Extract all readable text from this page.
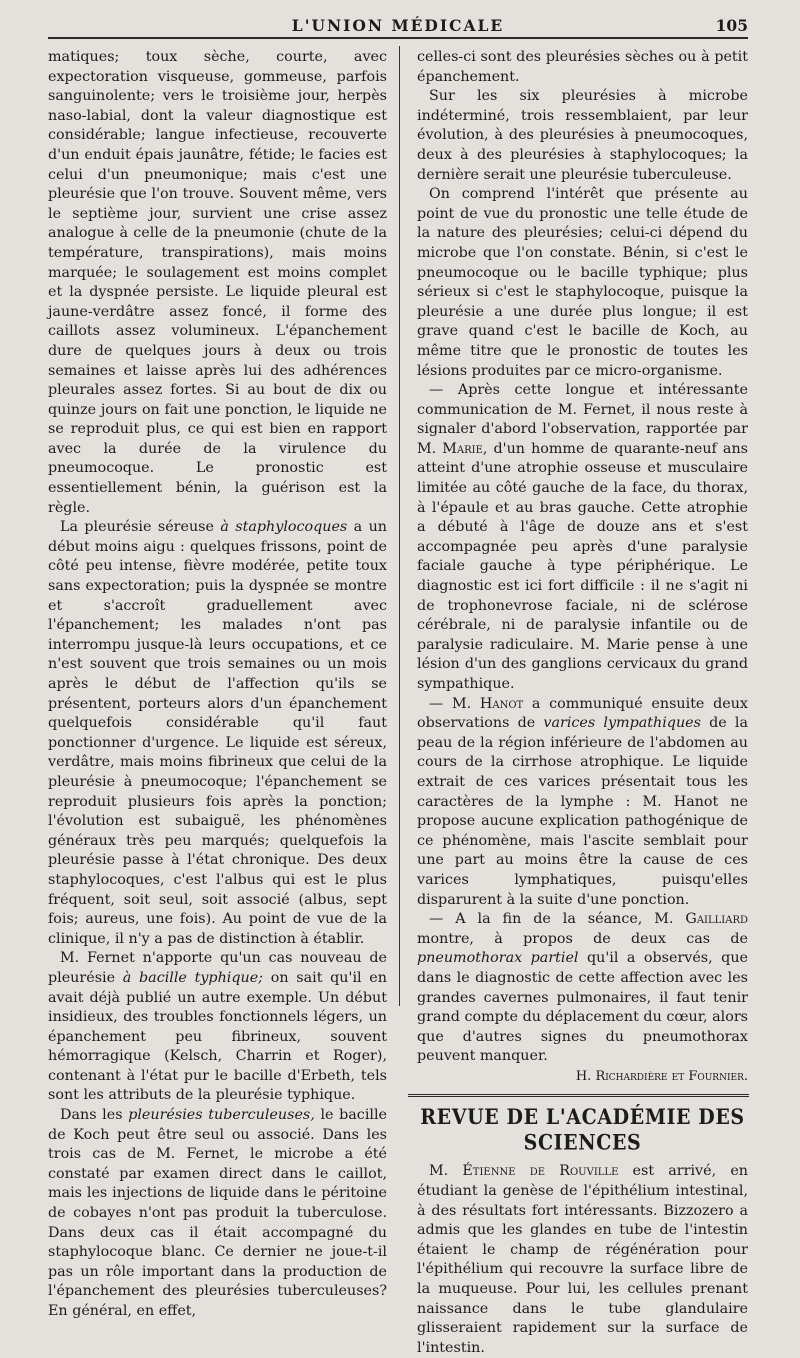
L'UNION MÉDICALE	105

matiques; toux sèche, courte, avec expectoration visqueuse, gommeuse, parfois sanguinolente; vers le troisième jour, herpès naso-labial, dont la valeur diagnostique est considérable; langue infectieuse, recouverte d'un enduit épais jaunâtre, fétide; le facies est celui d'un pneumonique; mais c'est une pleurésie que l'on trouve. Souvent même, vers le septième jour, survient une crise assez analogue à celle de la pneumonie (chute de la température, transpirations), mais moins marquée; le soulagement est moins complet et la dyspnée persiste. Le liquide pleural est jaune-verdâtre assez foncé, il forme des caillots assez volumineux. L'épanchement dure de quelques jours à deux ou trois semaines et laisse après lui des adhérences pleurales assez fortes. Si au bout de dix ou quinze jours on fait une ponction, le liquide ne se reproduit plus, ce qui est bien en rapport avec la durée de la virulence du pneumocoque. Le pronostic est essentiellement bénin, la guérison est la règle.

La pleurésie séreuse à staphylocoques a un début moins aigu : quelques frissons, point de côté peu intense, fièvre modérée, petite toux sans expectoration; puis la dyspnée se montre et s'accroît graduellement avec l'épanchement; les malades n'ont pas interrompu jusque-là leurs occupations, et ce n'est souvent que trois semaines ou un mois après le début de l'affection qu'ils se présentent, porteurs alors d'un épanchement quelquefois considérable qu'il faut ponctionner d'urgence. Le liquide est séreux, verdâtre, mais moins fibrineux que celui de la pleurésie à pneumocoque; l'épanchement se reproduit plusieurs fois après la ponction; l'évolution est subaiguë, les phénomènes généraux très peu marqués; quelquefois la pleurésie passe à l'état chronique. Des deux staphylocoques, c'est l'albus qui est le plus fréquent, soit seul, soit associé (albus, sept fois; aureus, une fois). Au point de vue de la clinique, il n'y a pas de distinction à établir.

M. Fernet n'apporte qu'un cas nouveau de pleurésie à bacille typhique; on sait qu'il en avait déjà publié un autre exemple. Un début insidieux, des troubles fonctionnels légers, un épanchement peu fibrineux, souvent hémorragique (Kelsch, Charrin et Roger), contenant à l'état pur le bacille d'Erbeth, tels sont les attributs de la pleurésie typhique.

Dans les pleurésies tuberculeuses, le bacille de Koch peut être seul ou associé. Dans les trois cas de M. Fernet, le microbe a été constaté par examen direct dans le caillot, mais les injections de liquide dans le péritoine de cobayes n'ont pas produit la tuberculose. Dans deux cas il était accompagné du staphylocoque blanc. Ce dernier ne joue-t-il pas un rôle important dans la production de l'épanchement des pleurésies tuberculeuses? En général, en effet,

celles-ci sont des pleurésies sèches ou à petit épanchement.

Sur les six pleurésies à microbe indéterminé, trois ressemblaient, par leur évolution, à des pleurésies à pneumocoques, deux à des pleurésies à staphylocoques; la dernière serait une pleurésie tuberculeuse.

On comprend l'intérêt que présente au point de vue du pronostic une telle étude de la nature des pleurésies; celui-ci dépend du microbe que l'on constate. Bénin, si c'est le pneumocoque ou le bacille typhique; plus sérieux si c'est le staphylocoque, puisque la pleurésie a une durée plus longue; il est grave quand c'est le bacille de Koch, au même titre que le pronostic de toutes les lésions produites par ce micro-organisme.

— Après cette longue et intéressante communication de M. Fernet, il nous reste à signaler d'abord l'observation, rapportée par M. Marie, d'un homme de quarante-neuf ans atteint d'une atrophie osseuse et musculaire limitée au côté gauche de la face, du thorax, à l'épaule et au bras gauche. Cette atrophie a débuté à l'âge de douze ans et s'est accompagnée peu après d'une paralysie faciale gauche à type périphérique. Le diagnostic est ici fort difficile : il ne s'agit ni de trophonevrose faciale, ni de sclérose cérébrale, ni de paralysie infantile ou de paralysie radiculaire. M. Marie pense à une lésion d'un des ganglions cervicaux du grand sympathique.

— M. Hanot a communiqué ensuite deux observations de varices lympathiques de la peau de la région inférieure de l'abdomen au cours de la cirrhose atrophique. Le liquide extrait de ces varices présentait tous les caractères de la lymphe : M. Hanot ne propose aucune explication pathogénique de ce phénomène, mais l'ascite semblait pour une part au moins être la cause de ces varices lymphatiques, puisqu'elles disparurent à la suite d'une ponction.

— A la fin de la séance, M. Gailliard montre, à propos de deux cas de pneumothorax partiel qu'il a observés, que dans le diagnostic de cette affection avec les grandes cavernes pulmonaires, il faut tenir grand compte du déplacement du cœur, alors que d'autres signes du pneumothorax peuvent manquer.

H. Richardière et Fournier.

REVUE DE L'ACADÉMIE DES SCIENCES

M. Étienne de Rouville est arrivé, en étudiant la genèse de l'épithélium intestinal, à des résultats fort intéressants. Bizzozero a admis que les glandes en tube de l'intestin étaient le champ de régénération pour l'épithélium qui recouvre la surface libre de la muqueuse. Pour lui, les cellules prenant naissance dans le tube glandulaire glisseraient rapidement sur la surface de l'intestin.
